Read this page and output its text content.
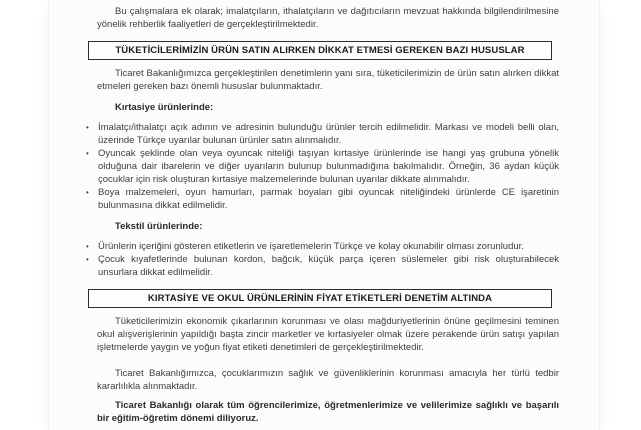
Bu çalışmalara ek olarak; imalatçıların, ithalatçıların ve dağıtıcıların mevzuat hakkında bilgilendirilmesine yönelik rehberlik faaliyetleri de gerçekleştirilmektedir.

TÜKETİCİLERİMİZİN ÜRÜN SATIN ALIRKEN DİKKAT ETMESİ GEREKEN BAZI HUSUSLAR

Ticaret Bakanlığımızca gerçekleştirilen denetimlerin yanı sıra, tüketicilerimizin de ürün satın alırken dikkat etmeleri gereken bazı önemli hususlar bulunmaktadır.

Kırtasiye ürünlerinde:

• İmalatçı/ithalatçı açık adının ve adresinin bulunduğu ürünler tercih edilmelidir. Markası ve modeli belli olan, üzerinde Türkçe uyarılar bulunan ürünler satın alınmalıdır.
• Oyuncak şeklinde olan veya oyuncak niteliği taşıyan kırtasiye ürünlerinde ise hangi yaş grubuna yönelik olduğuna dair ibarelerin ve diğer uyarıların bulunup bulunmadığına bakılmalıdır. Örneğin, 36 aydan küçük çocuklar için risk oluşturan kırtasiye malzemelerinde bulunan uyarılar dikkate alınmalıdır.
• Boya malzemeleri, oyun hamurları, parmak boyaları gibi oyuncak niteliğindeki ürünlerde CE işaretinin bulunmasına dikkat edilmelidir.

Tekstil ürünlerinde:

• Ürünlerin içeriğini gösteren etiketlerin ve işaretlemelerin Türkçe ve kolay okunabilir olması zorunludur.
• Çocuk kıyafetlerinde bulunan kordon, bağcık, küçük parça içeren süslemeler gibi risk oluşturabilecek unsurlara dikkat edilmelidir.
KIRTASİYE VE OKUL ÜRÜNLERİNİN FİYAT ETİKETLERİ DENETİM ALTINDA

Tüketicilerimizin ekonomik çıkarlarının korunması ve olası mağduriyetlerinin önüne geçilmesini teminen okul alışverişlerinin yapıldığı başta zincir marketler ve kırtasiyeler olmak üzere perakende ürün satışı yapılan işletmelerde yaygın ve yoğun fiyat etiketi denetimleri de gerçekleştirilmektedir.

Ticaret Bakanlığımızca, çocuklarımızın sağlık ve güvenliklerinin korunması amacıyla her türlü tedbir kararlılıkla alınmaktadır.

Ticaret Bakanlığı olarak tüm öğrencilerimize, öğretmenlerimize ve velilerimize sağlıklı ve başarılı bir eğitim-öğretim dönemi diliyoruz.
